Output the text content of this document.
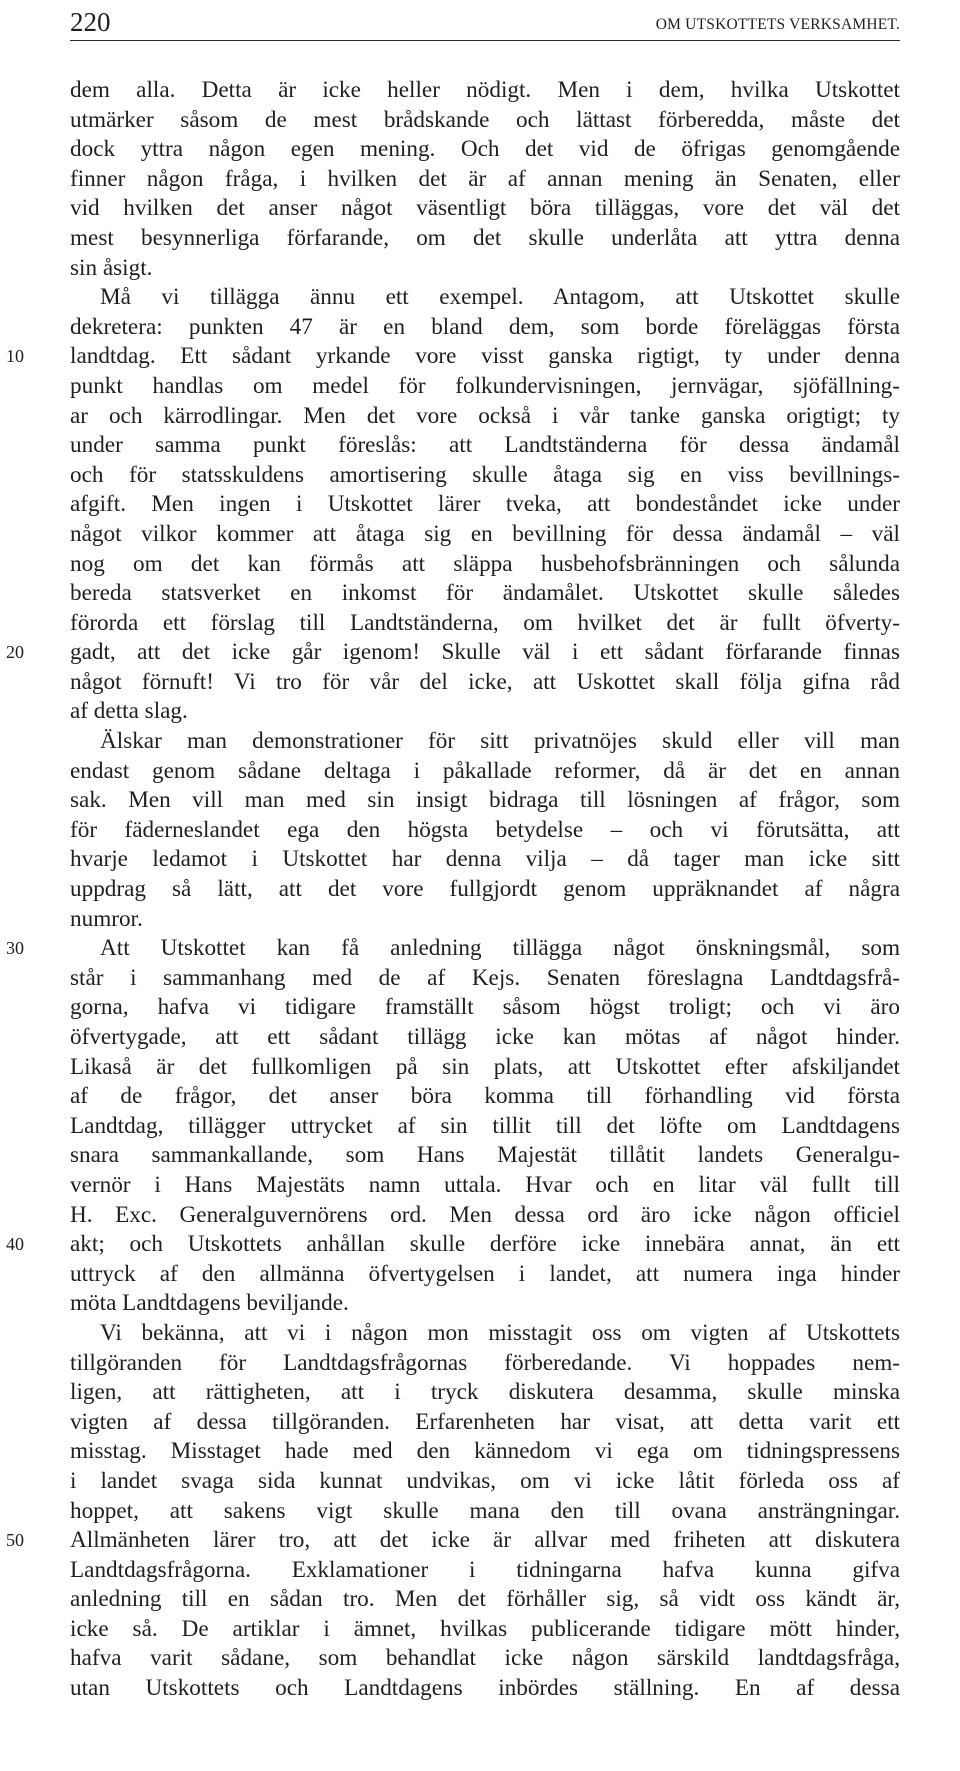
220	OM UTSKOTTETS VERKSAMHET.
dem alla. Detta är icke heller nödigt. Men i dem, hvilka Utskottet
utmärker såsom de mest brådskande och lättast förberedda, måste det
dock yttra någon egen mening. Och det vid de öfrigas genomgående
finner någon fråga, i hvilken det är af annan mening än Senaten, eller
vid hvilken det anser något väsentligt böra tilläggas, vore det väl det
mest besynnerliga förfarande, om det skulle underlåta att yttra denna
sin åsigt.
Må vi tillägga ännu ett exempel. Antagom, att Utskottet skulle
dekretera: punkten 47 är en bland dem, som borde föreläggas första
landtdag. Ett sådant yrkande vore visst ganska rigtigt, ty under denna
punkt handlas om medel för folkundervisningen, jernvägar, sjöfällning-
ar och kärrodlingar. Men det vore också i vår tanke ganska origtigt; ty
under samma punkt föreslås: att Landtständerna för dessa ändamål
och för statsskuldens amortisering skulle åtaga sig en viss bevillnings-
afgift. Men ingen i Utskottet lärer tveka, att bondeståndet icke under
något vilkor kommer att åtaga sig en bevillning för dessa ändamål – väl
nog om det kan förmås att släppa husbehofsbränningen och sålunda
bereda statsverket en inkomst för ändamålet. Utskottet skulle således
förorda ett förslag till Landtständerna, om hvilket det är fullt öfverty-
gadt, att det icke går igenom! Skulle väl i ett sådant förfarande finnas
något förnuft! Vi tro för vår del icke, att Uskottet skall följa gifna råd
af detta slag.
Älskar man demonstrationer för sitt privatnöjes skuld eller vill man
endast genom sådane deltaga i påkallade reformer, då är det en annan
sak. Men vill man med sin insigt bidraga till lösningen af frågor, som
för fäderneslandet ega den högsta betydelse – och vi förutsätta, att
hvarje ledamot i Utskottet har denna vilja – då tager man icke sitt
uppdrag så lätt, att det vore fullgjordt genom uppräknandet af några
numror.
Att Utskottet kan få anledning tillägga något önskningsmål, som
står i sammanhang med de af Kejs. Senaten föreslagna Landtdagsfrå-
gorna, hafva vi tidigare framställt såsom högst troligt; och vi äro
öfvertygade, att ett sådant tillägg icke kan mötas af något hinder.
Likaså är det fullkomligen på sin plats, att Utskottet efter afskiljandet
af de frågor, det anser böra komma till förhandling vid första
Landtdag, tillägger uttrycket af sin tillit till det löfte om Landtdagens
snara sammankallande, som Hans Majestät tillåtit landets Generalgu-
vernör i Hans Majestäts namn uttala. Hvar och en litar väl fullt till
H. Exc. Generalguvernörens ord. Men dessa ord äro icke någon officiel
akt; och Utskottets anhållan skulle derföre icke innebära annat, än ett
uttryck af den allmänna öfvertygelsen i landet, att numera inga hinder
möta Landtdagens beviljande.
Vi bekänna, att vi i någon mon misstagit oss om vigten af Utskottets
tillgöranden för Landtdagsfrågornas förberedande. Vi hoppades nem-
ligen, att rättigheten, att i tryck diskutera desamma, skulle minska
vigten af dessa tillgöranden. Erfarenheten har visat, att detta varit ett
misstag. Misstaget hade med den kännedom vi ega om tidningspressens
i landet svaga sida kunnat undvikas, om vi icke låtit förleda oss af
hoppet, att sakens vigt skulle mana den till ovana ansträngningar.
Allmänheten lärer tro, att det icke är allvar med friheten att diskutera
Landtdagsfrågorna. Exklamationer i tidningarna hafva kunna gifva
anledning till en sådan tro. Men det förhåller sig, så vidt oss kändt är,
icke så. De artiklar i ämnet, hvilkas publicerande tidigare mött hinder,
hafva varit sådane, som behandlat icke någon särskild landtdagsfråga,
utan Utskottets och Landtdagens inbördes ställning. En af dessa
10
20
30
40
50
